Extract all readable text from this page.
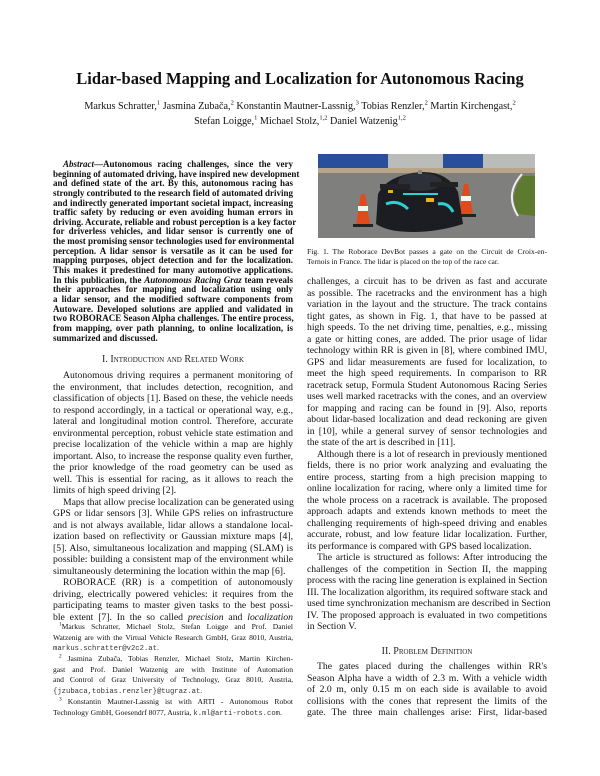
Lidar-based Mapping and Localization for Autonomous Racing
Markus Schratter,$^1$ Jasmina Zubača,$^2$ Konstantin Mautner-Lassnig,$^3$ Tobias Renzler,$^2$ Martin Kirchengast,$^2$
Stefan Loigge,$^1$ Michael Stolz,$^{1,2}$ Daniel Watzenig$^{1,2}$
Abstract—Autonomous racing challenges, since the very
beginning of automated driving, have inspired new development
and defined state of the art. By this, autonomous racing has
strongly contributed to the research field of automated driving
and indirectly generated important societal impact, increasing
traffic safety by reducing or even avoiding human errors in
driving. Accurate, reliable and robust perception is a key factor
for driverless vehicles, and lidar sensor is currently one of
the most promising sensor technologies used for environmental
perception. A lidar sensor is versatile as it can be used for
mapping purposes, object detection and for the localization.
This makes it predestined for many automotive applications.
In this publication, the Autonomous Racing Graz team reveals
their approaches for mapping and localization using only
a lidar sensor, and the modified software components from
Autoware. Developed solutions are applied and validated in
two ROBORACE Season Alpha challenges. The entire process,
from mapping, over path planning, to online localization, is
summarized and discussed.
I. Introduction and Related Work
Autonomous driving requires a permanent monitoring of
the environment, that includes detection, recognition, and
classification of objects [1]. Based on these, the vehicle needs
to respond accordingly, in a tactical or operational way, e.g.,
lateral and longitudinal motion control. Therefore, accurate
environmental perception, robust vehicle state estimation and
precise localization of the vehicle within a map are highly
important. Also, to increase the response quality even further,
the prior knowledge of the road geometry can be used as
well. This is essential for racing, as it allows to reach the
limits of high speed driving [2].
Maps that allow precise localization can be generated using
GPS or lidar sensors [3]. While GPS relies on infrastructure
and is not always available, lidar allows a standalone local-
ization based on reflectivity or Gaussian mixture maps [4],
[5]. Also, simultaneous localization and mapping (SLAM) is
possible: building a consistent map of the environment while
simultaneously determining the location within the map [6].
ROBORACE (RR) is a competition of autonomously
driving, electrically powered vehicles: it requires from the
participating teams to master given tasks to the best possi-
ble extent [7]. In the so called precision and localization
$^1$Markus Schratter, Michael Stolz, Stefan Loigge and Prof. Daniel
Watzenig are with the Virtual Vehicle Research GmbH, Graz 8010, Austria,
markus.schratter@v2c2.at.
$^2$ Jasmina Zubača, Tobias Renzler, Michael Stolz, Martin Kirchen-
gast and Prof. Daniel Watzenig are with Institute of Automation
and Control of Graz University of Technology, Graz 8010, Austria,
{jzubaca,tobias.renzler}@tugraz.at.
$^3$ Konstantin Mautner-Lassnig ist with ARTI - Autonomous Robot
Technology GmbH, Goesendrf 8077, Austria, k.ml@arti-robots.com.
Fig. 1. The Roborace DevBot passes a gate on the Circuit de Croix-en-
Ternois in France. The lidar is placed on the top of the race car.
challenges, a circuit has to be driven as fast and accurate
as possible. The racetracks and the environment has a high
variation in the layout and the structure. The track contains
tight gates, as shown in Fig. 1, that have to be passed at
high speeds. To the net driving time, penalties, e.g., missing
a gate or hitting cones, are added. The prior usage of lidar
technology within RR is given in [8], where combined IMU,
GPS and lidar measurements are fused for localization, to
meet the high speed requirements. In comparison to RR
racetrack setup, Formula Student Autonomous Racing Series
uses well marked racetracks with the cones, and an overview
for mapping and racing can be found in [9]. Also, reports
about lidar-based localization and dead reckoning are given
in [10], while a general survey of sensor technologies and
the state of the art is described in [11].
Although there is a lot of research in previously mentioned
fields, there is no prior work analyzing and evaluating the
entire process, starting from a high precision mapping to
online localization for racing, where only a limited time for
the whole process on a racetrack is available. The proposed
approach adapts and extends known methods to meet the
challenging requirements of high-speed driving and enables
accurate, robust, and low feature lidar localization. Further,
its performance is compared with GPS based localization.
The article is structured as follows: After introducing the
challenges of the competition in Section II, the mapping
process with the racing line generation is explained in Section
III. The localization algorithm, its required software stack and
used time synchronization mechanism are described in Section
IV. The proposed approach is evaluated in two competitions
in Section V.
II. Problem Definition
The gates placed during the challenges within RR's
Season Alpha have a width of 2.3 m. With a vehicle width
of 2.0 m, only 0.15 m on each side is available to avoid
collisions with the cones that represent the limits of the
gate. The three main challenges arise: First, lidar-based
